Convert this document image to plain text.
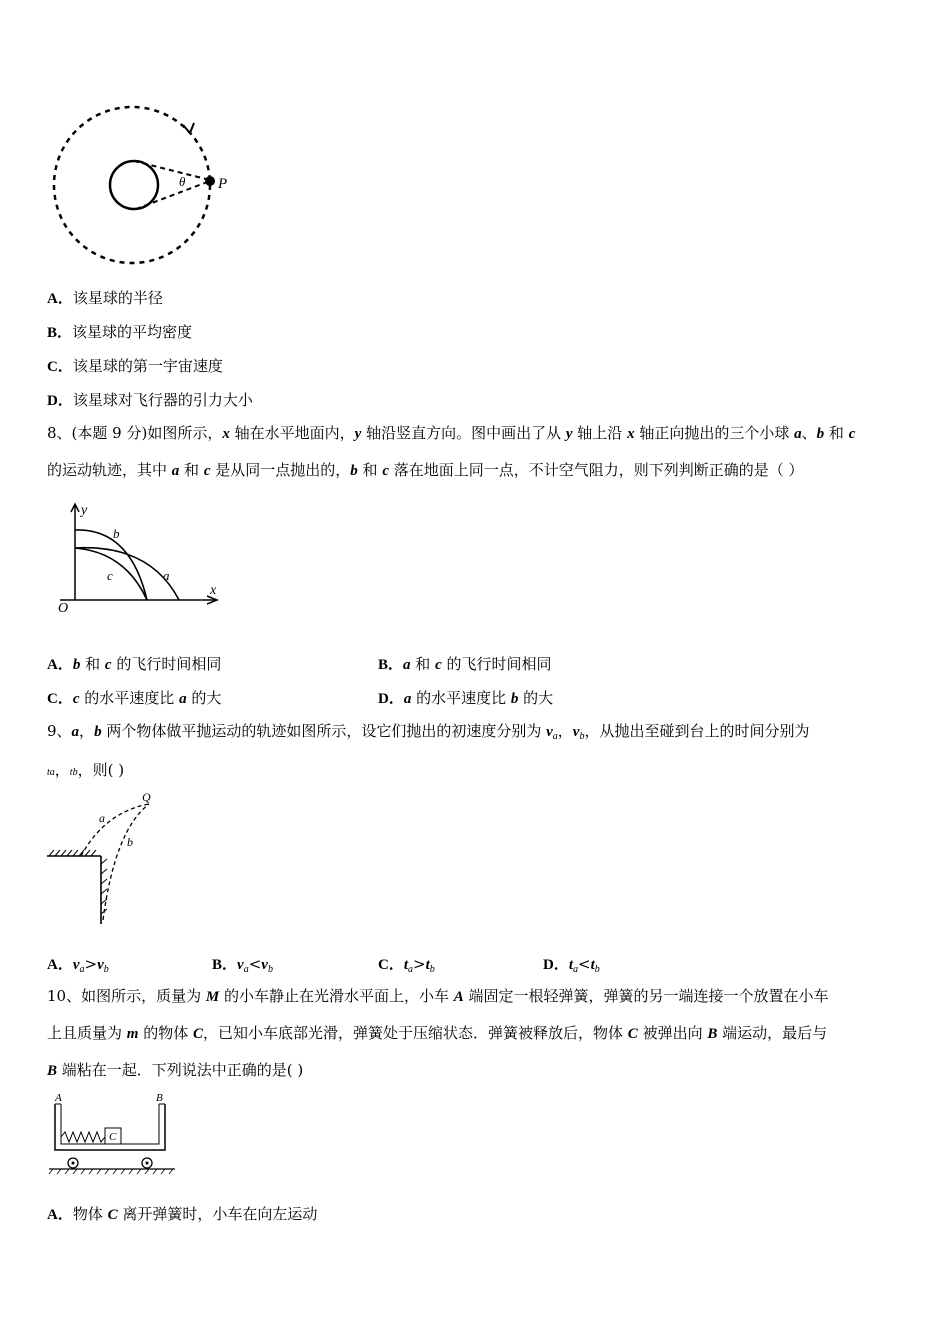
θ P
A．该星球的半径
B．该星球的平均密度
C．该星球的第一宇宙速度
D．该星球对飞行器的引力大小
8、(本题 9 分)如图所示，x 轴在水平地面内，y 轴沿竖直方向。图中画出了从 y 轴上沿 x 轴正向抛出的三个小球 a、b 和 c
的运动轨迹，其中 a 和 c 是从同一点抛出的，b 和 c 落在地面上同一点，不计空气阻力，则下列判断正确的是（ ）
y
x
O
b
c	a
A．b 和 c 的飞行时间相同	B．a 和 c 的飞行时间相同
C．c 的水平速度比 a 的大	D．a 的水平速度比 b 的大
9、a，b 两个物体做平抛运动的轨迹如图所示，设它们抛出的初速度分别为 $v_a$，$v_b$，从抛出至碰到台上的时间分别为
ta，tb，则( )
Q
a
b
A．$v_a>v_b$	B．$v_a<v_b$	C．$t_a>t_b$	D．$t_a<t_b$
10、如图所示，质量为 M 的小车静止在光滑水平面上，小车 A 端固定一根轻弹簧，弹簧的另一端连接一个放置在小车
上且质量为 m 的物体 C，已知小车底部光滑，弹簧处于压缩状态．弹簧被释放后，物体 C 被弹出向 B 端运动，最后与
B 端粘在一起．下列说法中正确的是( )
A	B
C
A．物体 C 离开弹簧时，小车在向左运动
